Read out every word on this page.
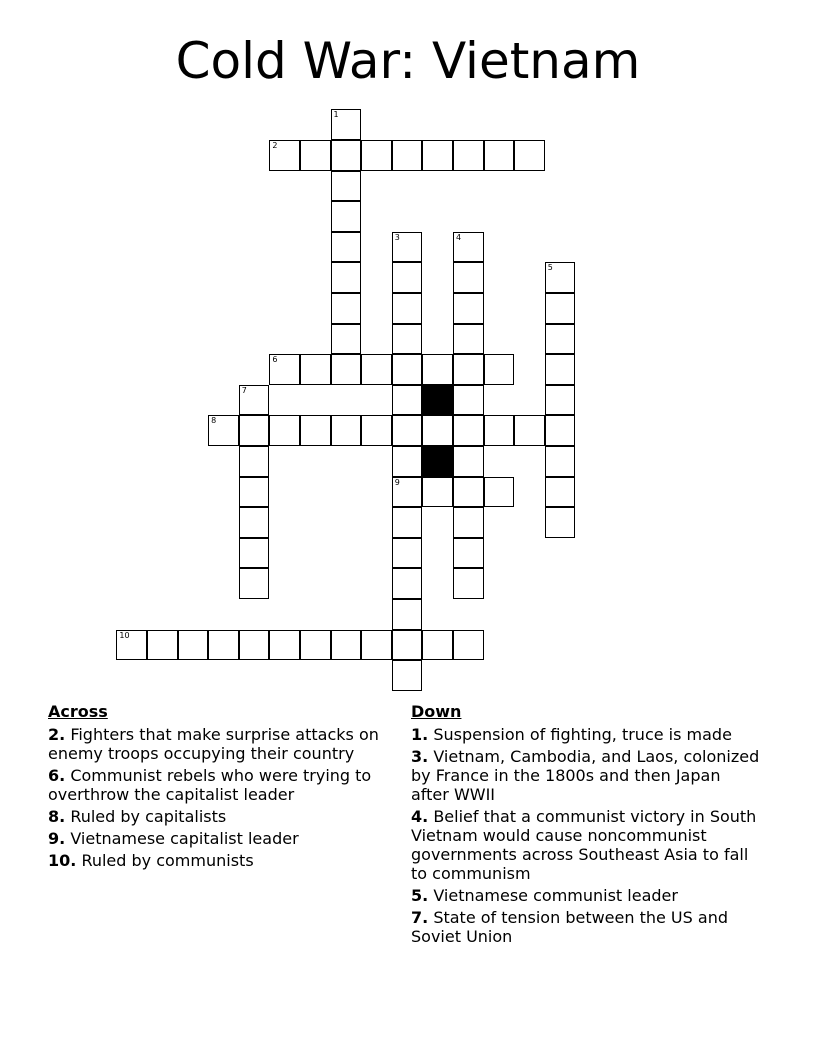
Cold War: Vietnam
1
2
3
9
4
5
6
7
8
10
Across
2. Fighters that make surprise attacks on enemy troops occupying their country
6. Communist rebels who were trying to overthrow the capitalist leader
8. Ruled by capitalists
9. Vietnamese capitalist leader
10. Ruled by communists
Down
1. Suspension of fighting, truce is made
3. Vietnam, Cambodia, and Laos, colonized by France in the 1800s and then Japan after WWII
4. Belief that a communist victory in South Vietnam would cause noncommunist governments across Southeast Asia to fall to communism
5. Vietnamese communist leader
7. State of tension between the US and Soviet Union
